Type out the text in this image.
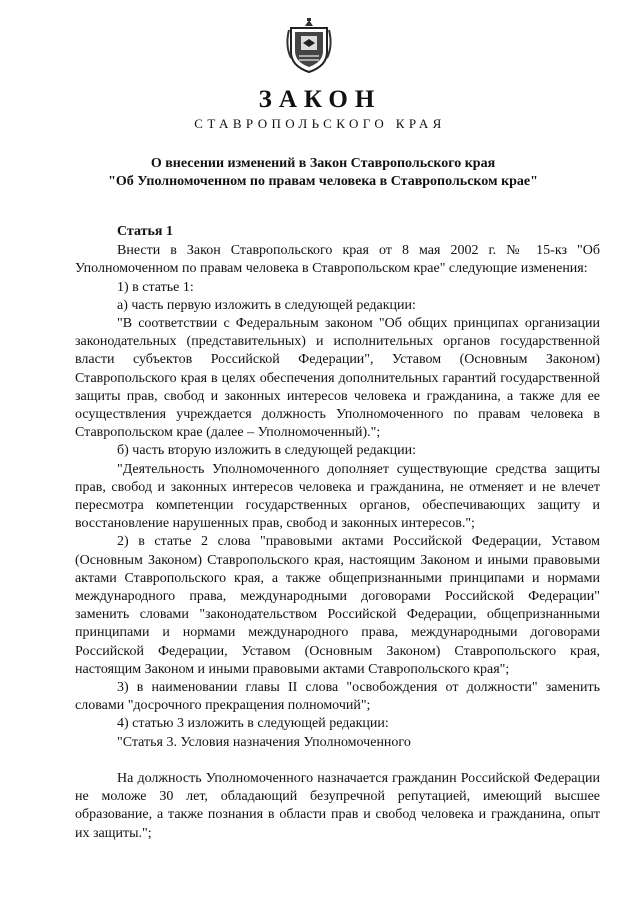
ЗАКОН
СТАВРОПОЛЬСКОГО КРАЯ
О внесении изменений в Закон Ставропольского края
"Об Уполномоченном по правам человека в Ставропольском крае"
Статья 1
Внести в Закон Ставропольского края от 8 мая 2002 г. № 15-кз "Об Уполномоченном по правам человека в Ставропольском крае" следующие изменения:
1) в статье 1:
а) часть первую изложить в следующей редакции:
"В соответствии с Федеральным законом "Об общих принципах организации законодательных (представительных) и исполнительных органов государственной власти субъектов Российской Федерации", Уставом (Основным Законом) Ставропольского края в целях обеспечения дополнительных гарантий государственной защиты прав, свобод и законных интересов человека и гражданина, а также для ее осуществления учреждается должность Уполномоченного по правам человека в Ставропольском крае (далее – Уполномоченный).";
б) часть вторую изложить в следующей редакции:
"Деятельность Уполномоченного дополняет существующие средства защиты прав, свобод и законных интересов человека и гражданина, не отменяет и не влечет пересмотра компетенции государственных органов, обеспечивающих защиту и восстановление нарушенных прав, свобод и законных интересов.";
2) в статье 2 слова "правовыми актами Российской Федерации, Уставом (Основным Законом) Ставропольского края, настоящим Законом и иными правовыми актами Ставропольского края, а также общепризнанными принципами и нормами международного права, международными договорами Российской Федерации" заменить словами "законодательством Российской Федерации, общепризнанными принципами и нормами международного права, международными договорами Российской Федерации, Уставом (Основным Законом) Ставропольского края, настоящим Законом и иными правовыми актами Ставропольского края";
3) в наименовании главы II слова "освобождения от должности" заменить словами "досрочного прекращения полномочий";
4) статью 3 изложить в следующей редакции:
"Статья 3. Условия назначения Уполномоченного
На должность Уполномоченного назначается гражданин Российской Федерации не моложе 30 лет, обладающий безупречной репутацией, имеющий высшее образование, а также познания в области прав и свобод человека и гражданина, опыт их защиты.";
